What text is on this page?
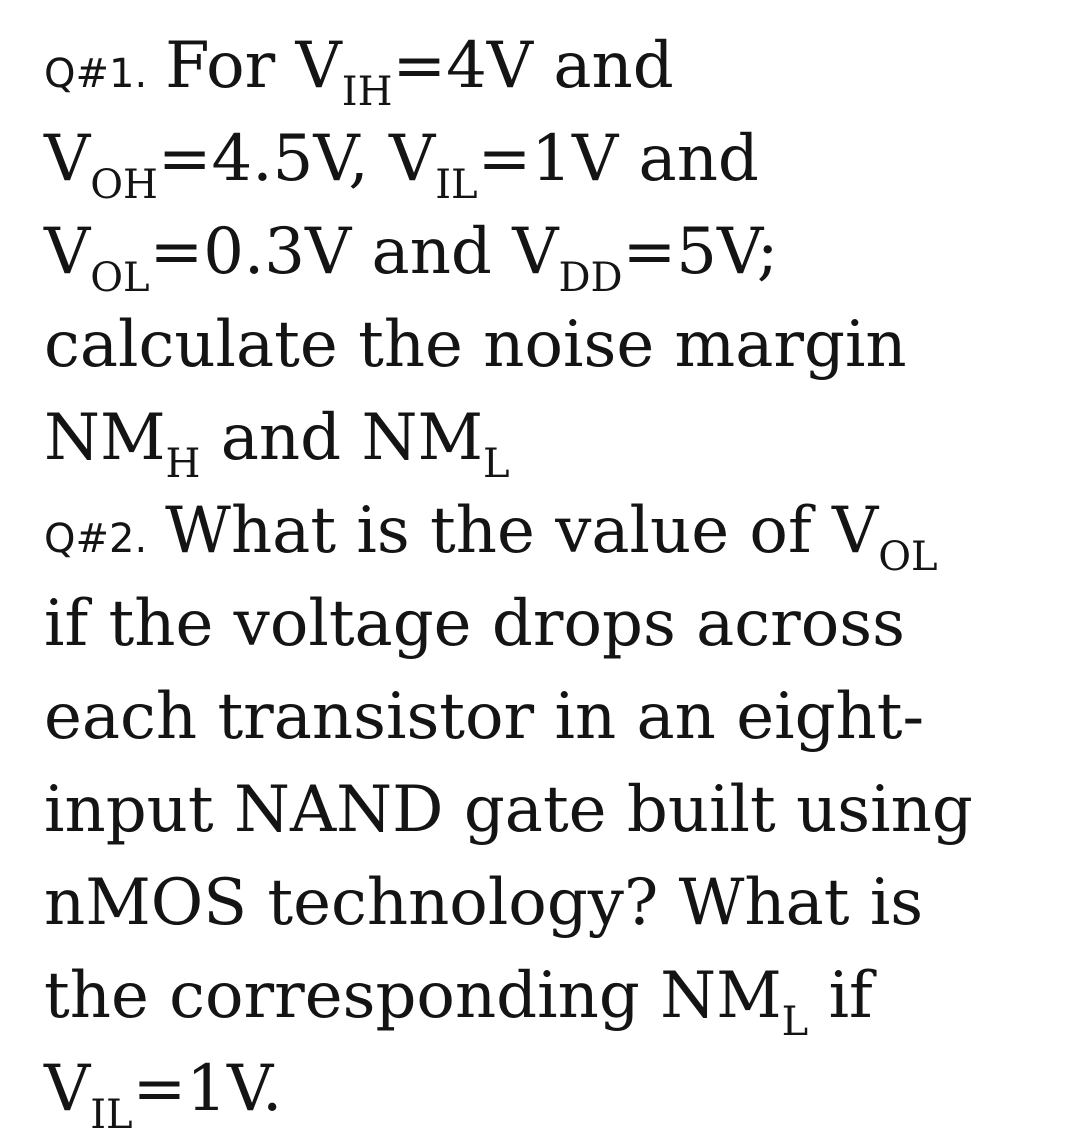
Q#1. For $V_{IH}=4V$ and
$V_{OH}=4.5V$, $V_{IL}=1V$ and
$V_{OL}=0.3V$ and $V_{DD}=5V$;
calculate the noise margin
$NM_H$ and $NM_L$
Q#2. What is the value of $V_{OL}$
if the voltage drops across
each transistor in an eight-
input NAND gate built using
nMOS technology? What is
the corresponding $NM_L$ if
$V_{IL}=1V$.
